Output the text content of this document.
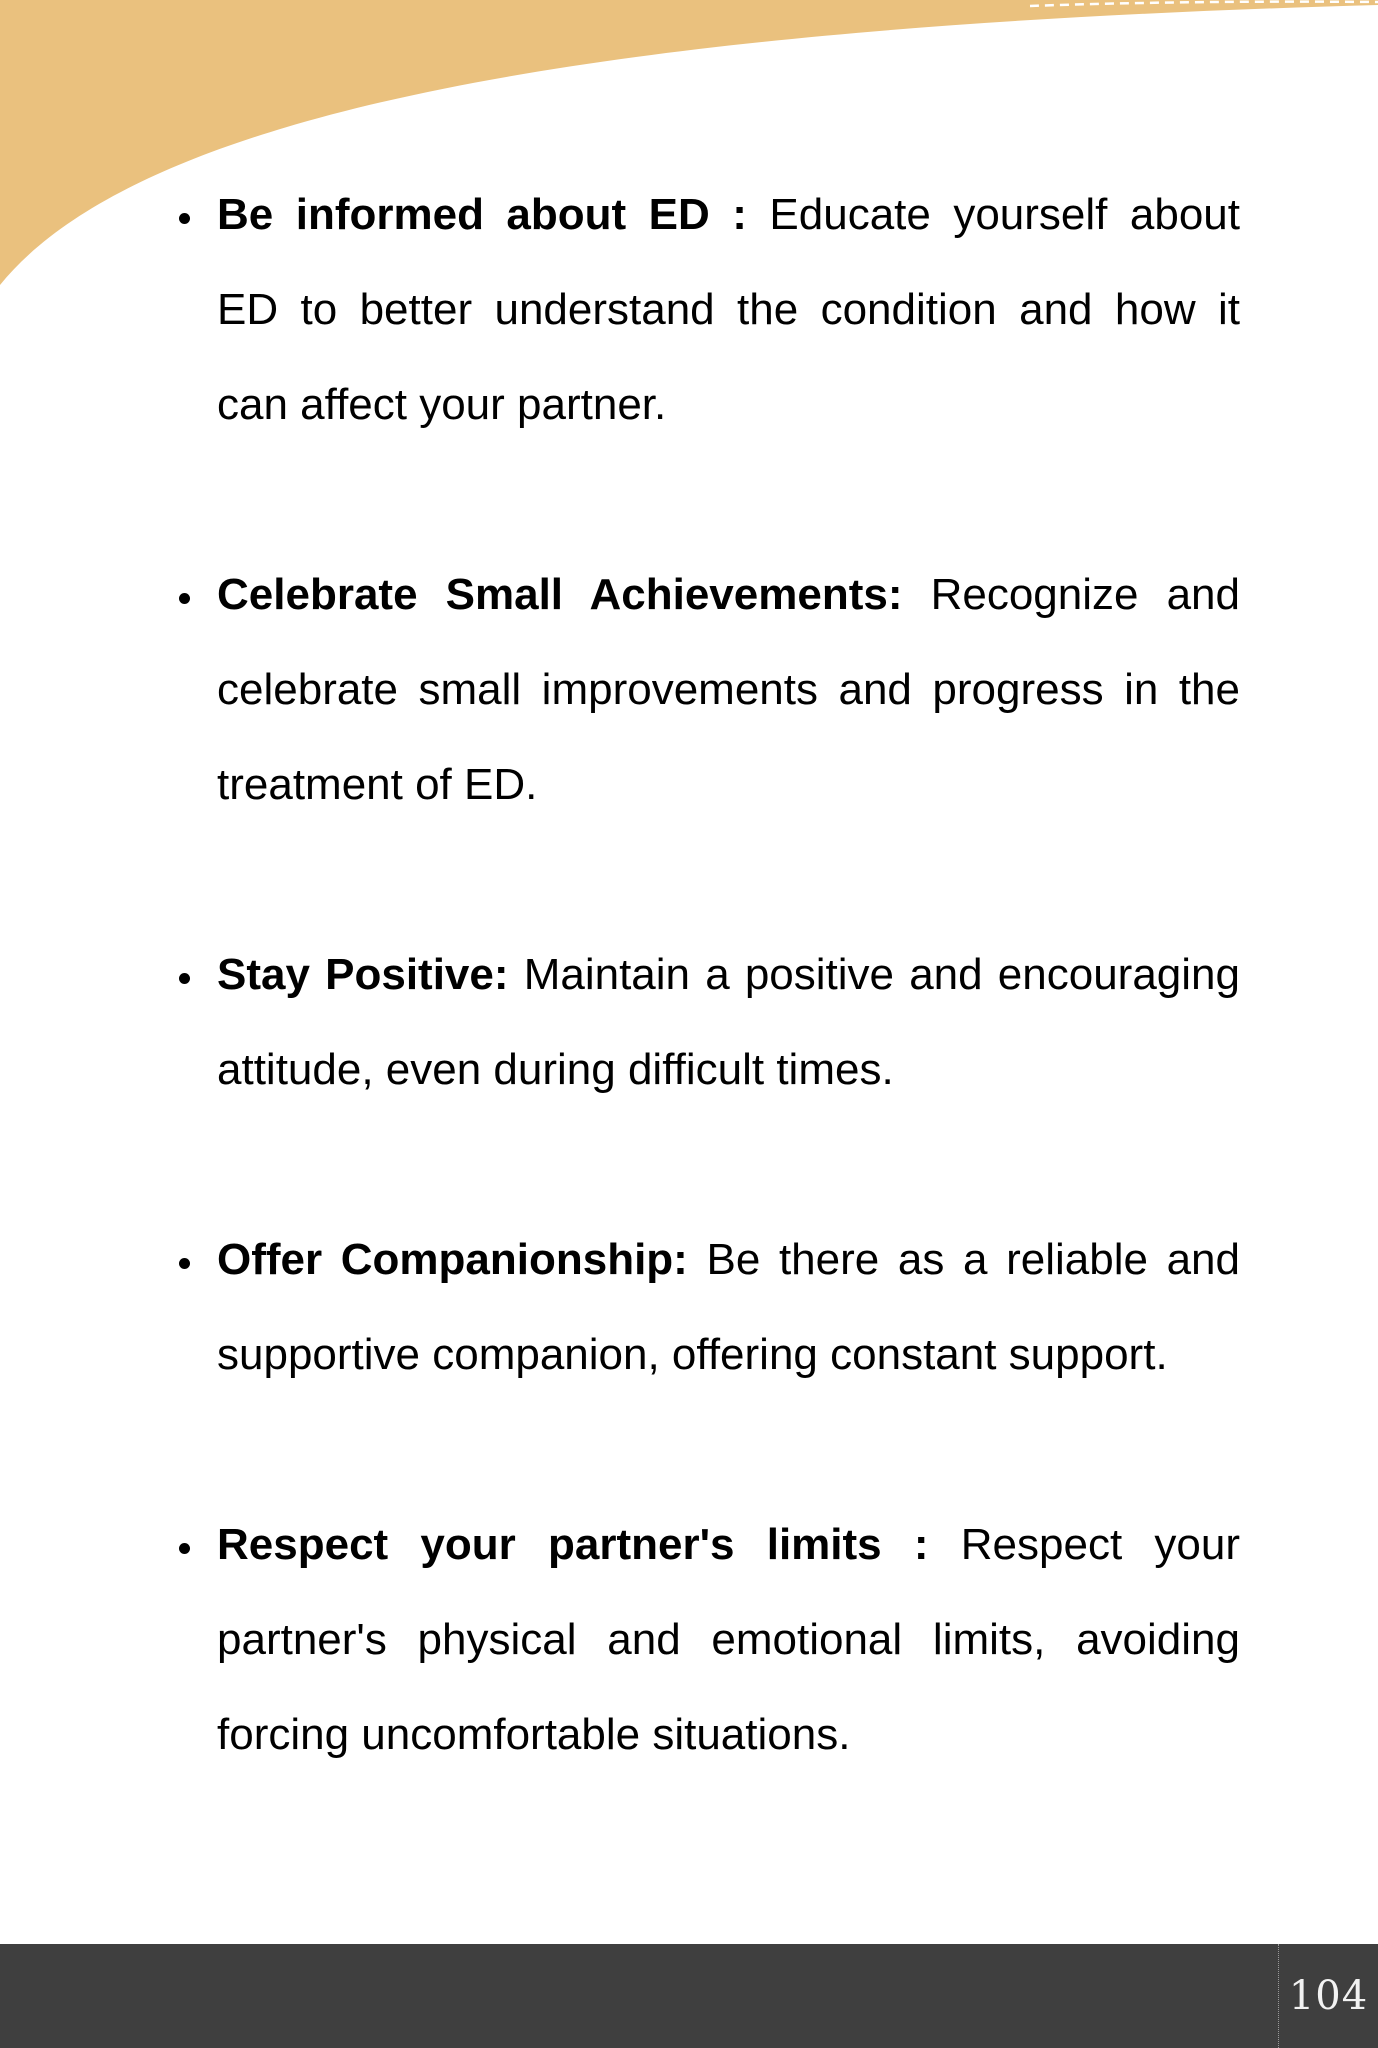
Be informed about ED : Educate yourself about
ED to better understand the condition and how it
can affect your partner.
Celebrate Small Achievements: Recognize and
celebrate small improvements and progress in the
treatment of ED.
Stay Positive: Maintain a positive and encouraging
attitude, even during difficult times.
Offer Companionship: Be there as a reliable and
supportive companion, offering constant support.
Respect your partner's limits : Respect your
partner's physical and emotional limits, avoiding
forcing uncomfortable situations.
104
